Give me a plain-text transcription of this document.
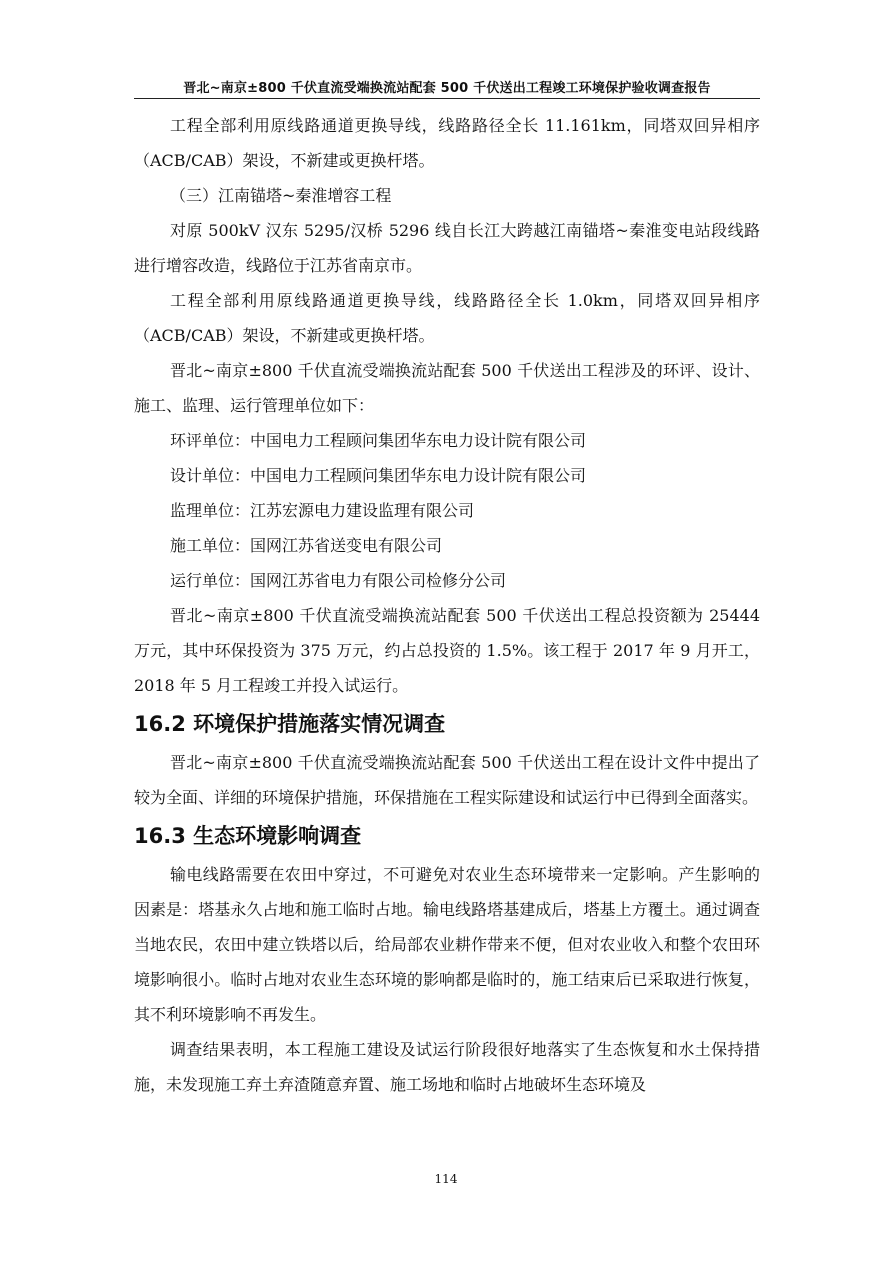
晋北~南京±800 千伏直流受端换流站配套 500 千伏送出工程竣工环境保护验收调查报告

工程全部利用原线路通道更换导线，线路路径全长 11.161km，同塔双回异相序（ACB/CAB）架设，不新建或更换杆塔。

（三）江南锚塔~秦淮增容工程

对原 500kV 汉东 5295/汉桥 5296 线自长江大跨越江南锚塔~秦淮变电站段线路进行增容改造，线路位于江苏省南京市。

工程全部利用原线路通道更换导线，线路路径全长 1.0km，同塔双回异相序（ACB/CAB）架设，不新建或更换杆塔。

晋北~南京±800 千伏直流受端换流站配套 500 千伏送出工程涉及的环评、设计、施工、监理、运行管理单位如下：

环评单位：中国电力工程顾问集团华东电力设计院有限公司

设计单位：中国电力工程顾问集团华东电力设计院有限公司

监理单位：江苏宏源电力建设监理有限公司

施工单位：国网江苏省送变电有限公司

运行单位：国网江苏省电力有限公司检修分公司

晋北~南京±800 千伏直流受端换流站配套 500 千伏送出工程总投资额为 25444 万元，其中环保投资为 375 万元，约占总投资的 1.5%。该工程于 2017 年 9 月开工，2018 年 5 月工程竣工并投入试运行。

16.2 环境保护措施落实情况调查

晋北~南京±800 千伏直流受端换流站配套 500 千伏送出工程在设计文件中提出了较为全面、详细的环境保护措施，环保措施在工程实际建设和试运行中已得到全面落实。

16.3 生态环境影响调查

输电线路需要在农田中穿过，不可避免对农业生态环境带来一定影响。产生影响的因素是：塔基永久占地和施工临时占地。输电线路塔基建成后，塔基上方覆土。通过调查当地农民，农田中建立铁塔以后，给局部农业耕作带来不便，但对农业收入和整个农田环境影响很小。临时占地对农业生态环境的影响都是临时的，施工结束后已采取进行恢复，其不利环境影响不再发生。

调查结果表明，本工程施工建设及试运行阶段很好地落实了生态恢复和水土保持措施，未发现施工弃土弃渣随意弃置、施工场地和临时占地破坏生态环境及

114
